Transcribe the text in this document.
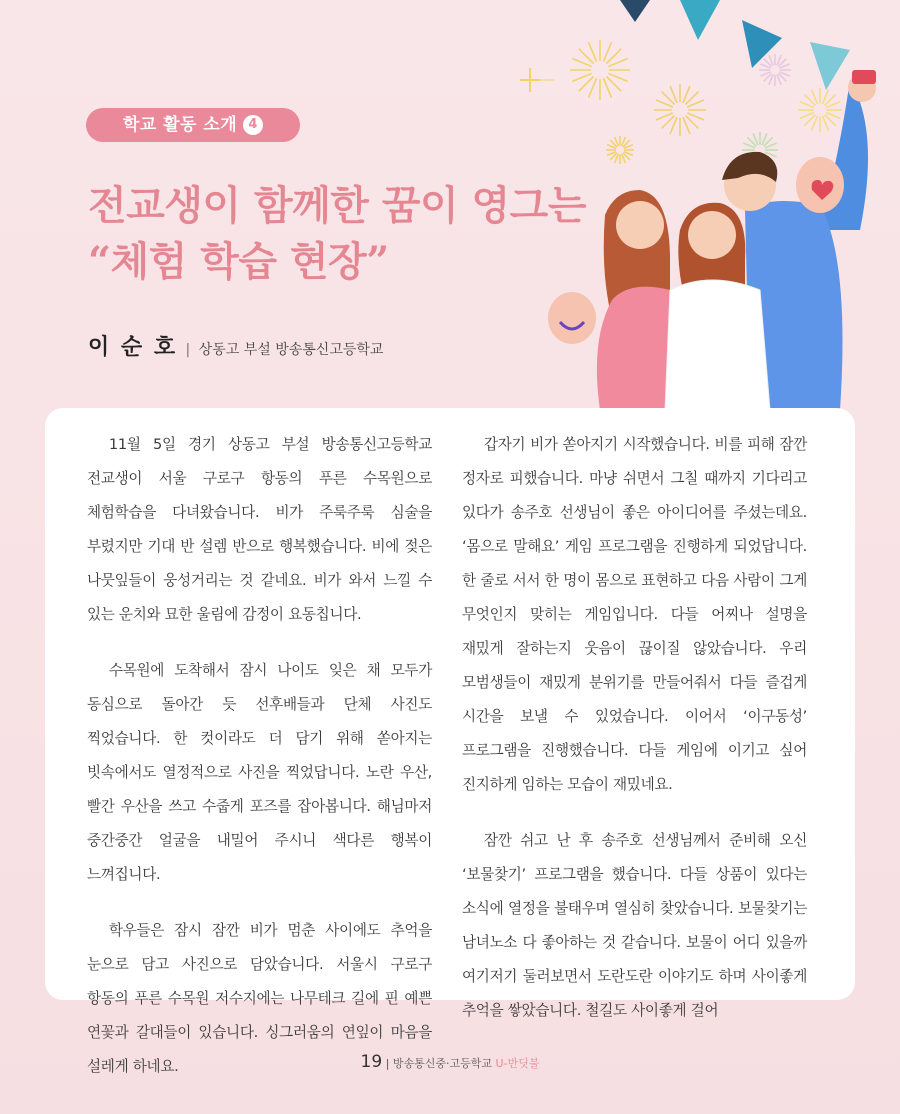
학교 활동 소개 4
전교생이 함께한 꿈이 영그는
“체험 학습 현장”
이 순 호 | 상동고 부설 방송통신고등학교

11월 5일 경기 상동고 부설 방송통신고등학교 전교생이 서울 구로구 항동의 푸른 수목원으로 체험학습을 다녀왔습니다. 비가 주룩주룩 심술을 부렸지만 기대 반 설렘 반으로 행복했습니다. 비에 젖은 나뭇잎들이 웅성거리는 것 같네요. 비가 와서 느낄 수 있는 운치와 묘한 울림에 감정이 요동칩니다.

수목원에 도착해서 잠시 나이도 잊은 채 모두가 동심으로 돌아간 듯 선후배들과 단체 사진도 찍었습니다. 한 컷이라도 더 담기 위해 쏟아지는 빗속에서도 열정적으로 사진을 찍었답니다. 노란 우산, 빨간 우산을 쓰고 수줍게 포즈를 잡아봅니다. 해님마저 중간중간 얼굴을 내밀어 주시니 색다른 행복이 느껴집니다.

학우들은 잠시 잠깐 비가 멈춘 사이에도 추억을 눈으로 담고 사진으로 담았습니다. 서울시 구로구 항동의 푸른 수목원 저수지에는 나무테크 길에 핀 예쁜 연꽃과 갈대들이 있습니다. 싱그러움의 연잎이 마음을 설레게 하네요.

갑자기 비가 쏟아지기 시작했습니다. 비를 피해 잠깐 정자로 피했습니다. 마냥 쉬면서 그칠 때까지 기다리고 있다가 송주호 선생님이 좋은 아이디어를 주셨는데요. ‘몸으로 말해요’ 게임 프로그램을 진행하게 되었답니다. 한 줄로 서서 한 명이 몸으로 표현하고 다음 사람이 그게 무엇인지 맞히는 게임입니다. 다들 어찌나 설명을 재밌게 잘하는지 웃음이 끊이질 않았습니다. 우리 모범생들이 재밌게 분위기를 만들어줘서 다들 즐겁게 시간을 보낼 수 있었습니다. 이어서 ‘이구동성’ 프로그램을 진행했습니다. 다들 게임에 이기고 싶어 진지하게 임하는 모습이 재밌네요.

잠깐 쉬고 난 후 송주호 선생님께서 준비해 오신 ‘보물찾기’ 프로그램을 했습니다. 다들 상품이 있다는 소식에 열정을 불태우며 열심히 찾았습니다. 보물찾기는 남녀노소 다 좋아하는 것 같습니다. 보물이 어디 있을까 여기저기 둘러보면서 도란도란 이야기도 하며 사이좋게 추억을 쌓았습니다. 철길도 사이좋게 걸어

19 | 방송통신중·고등학교 U-반딧불
